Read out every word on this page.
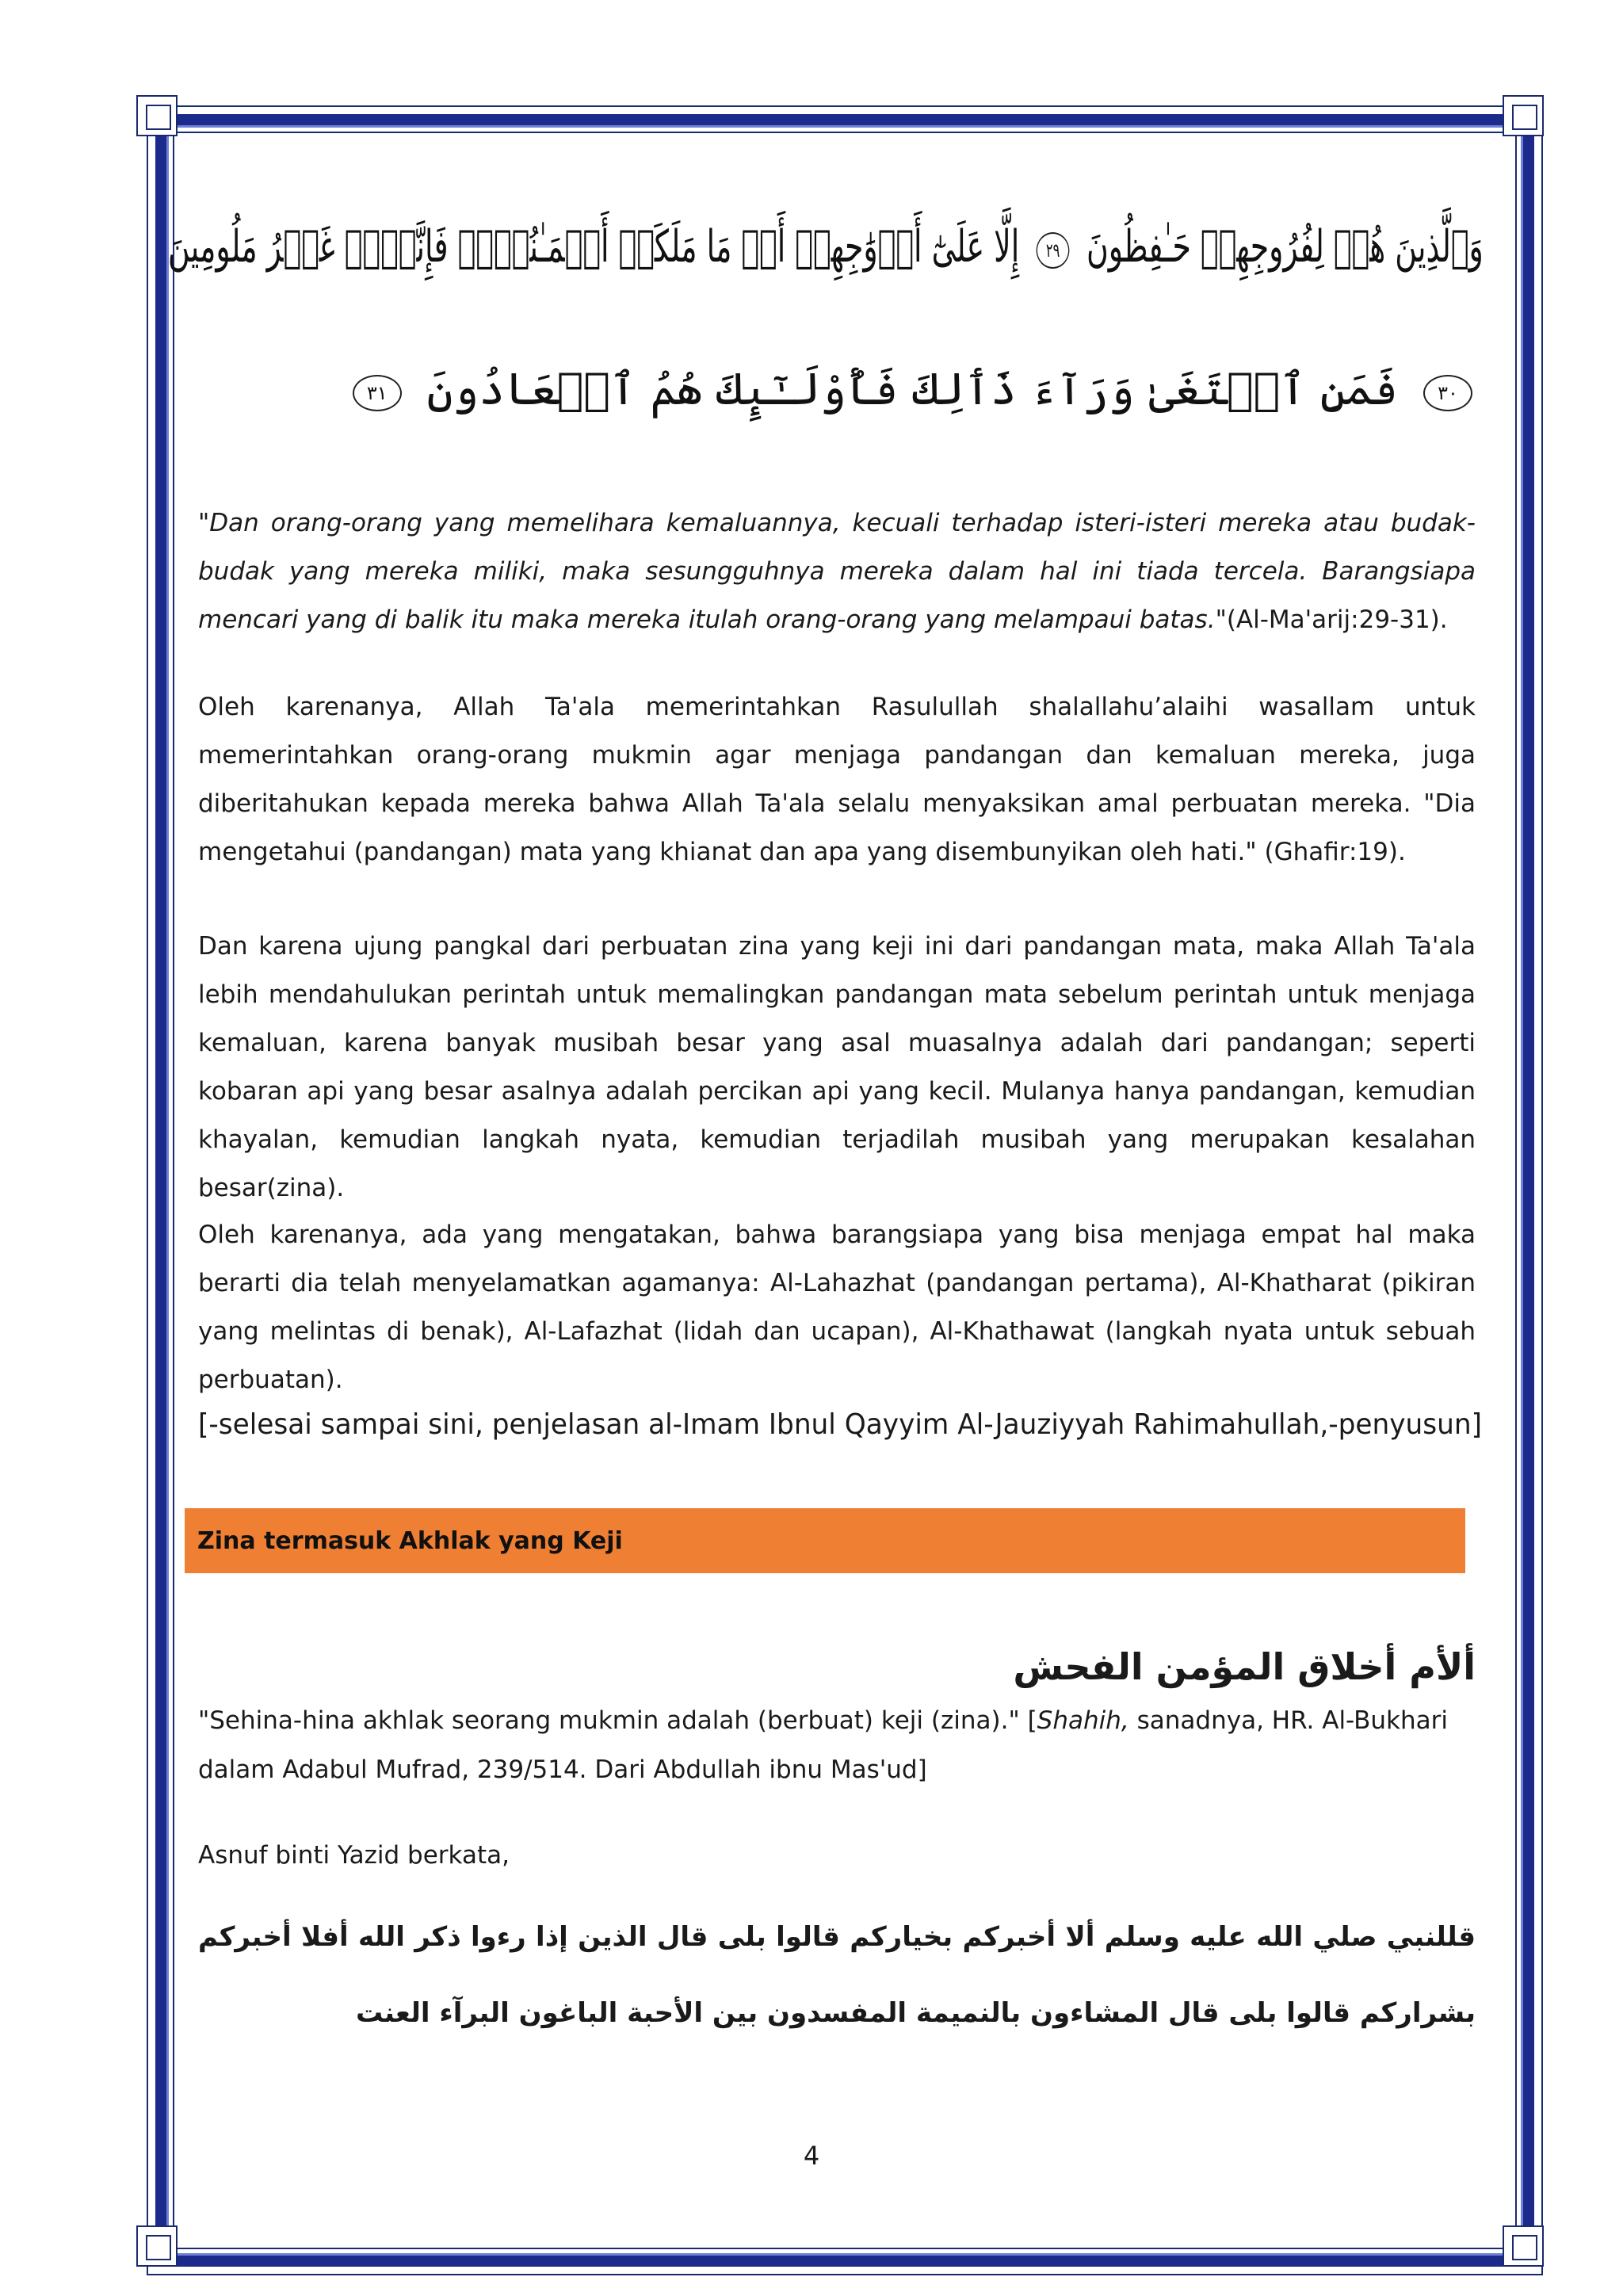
وَٱلَّذِينَ هُمۡ لِفُرُوجِهِمۡ حَـٰفِظُونَ ٢٩ إِلَّا عَلَىٰٓ أَزۡوَٰجِهِمۡ أَوۡ مَا مَلَكَتۡ أَيۡمَـٰنُہُمۡ فَإِنَّہُمۡ غَيۡرُ مَلُومِينَ
٣٠ فَمَنِ ٱبۡتَغَىٰ وَرَآءَ ذَٲلِكَ فَأُوْلَـٰٓٮِٕكَ هُمُ ٱلۡعَادُونَ ٣١

"Dan orang-orang yang memelihara kemaluannya, kecuali terhadap isteri-isteri mereka atau budak-budak yang mereka miliki, maka sesungguhnya mereka dalam hal ini tiada tercela. Barangsiapa mencari yang di balik itu maka mereka itulah orang-orang yang melampaui batas."(Al-Ma'arij:29-31).

Oleh karenanya, Allah Ta'ala memerintahkan Rasulullah shalallahu’alaihi wasallam untuk memerintahkan orang-orang mukmin agar menjaga pandangan dan kemaluan mereka, juga diberitahukan kepada mereka bahwa Allah Ta'ala selalu menyaksikan amal perbuatan mereka. "Dia mengetahui (pandangan) mata yang khianat dan apa yang disembunyikan oleh hati." (Ghafir:19).

Dan karena ujung pangkal dari perbuatan zina yang keji ini dari pandangan mata, maka Allah Ta'ala lebih mendahulukan perintah untuk memalingkan pandangan mata sebelum perintah untuk menjaga kemaluan, karena banyak musibah besar yang asal muasalnya adalah dari pandangan; seperti kobaran api yang besar asalnya adalah percikan api yang kecil. Mulanya hanya pandangan, kemudian khayalan, kemudian langkah nyata, kemudian terjadilah musibah yang merupakan kesalahan besar(zina).

Oleh karenanya, ada yang mengatakan, bahwa barangsiapa yang bisa menjaga empat hal maka berarti dia telah menyelamatkan agamanya: Al-Lahazhat (pandangan pertama), Al-Khatharat (pikiran yang melintas di benak), Al-Lafazhat (lidah dan ucapan), Al-Khathawat (langkah nyata untuk sebuah perbuatan).

[-selesai sampai sini, penjelasan al-Imam Ibnul Qayyim Al-Jauziyyah Rahimahullah,-penyusun]
Zina termasuk Akhlak yang Keji
ألأم أخلاق المؤمن الفحش
"Sehina-hina akhlak seorang mukmin adalah (berbuat) keji (zina)." [Shahih, sanadnya, HR. Al-Bukhari dalam Adabul Mufrad, 239/514. Dari Abdullah ibnu Mas'ud]
Asnuf binti Yazid berkata,
قللنبي صلي الله عليه وسلم ألا أخبركم بخياركم قالوا بلى قال الذين إذا رءوا ذكر الله أفلا أخبركم بشراركم قالوا بلى قال المشاءون بالنميمة المفسدون بين الأحبة الباغون البرآء العنت
4
